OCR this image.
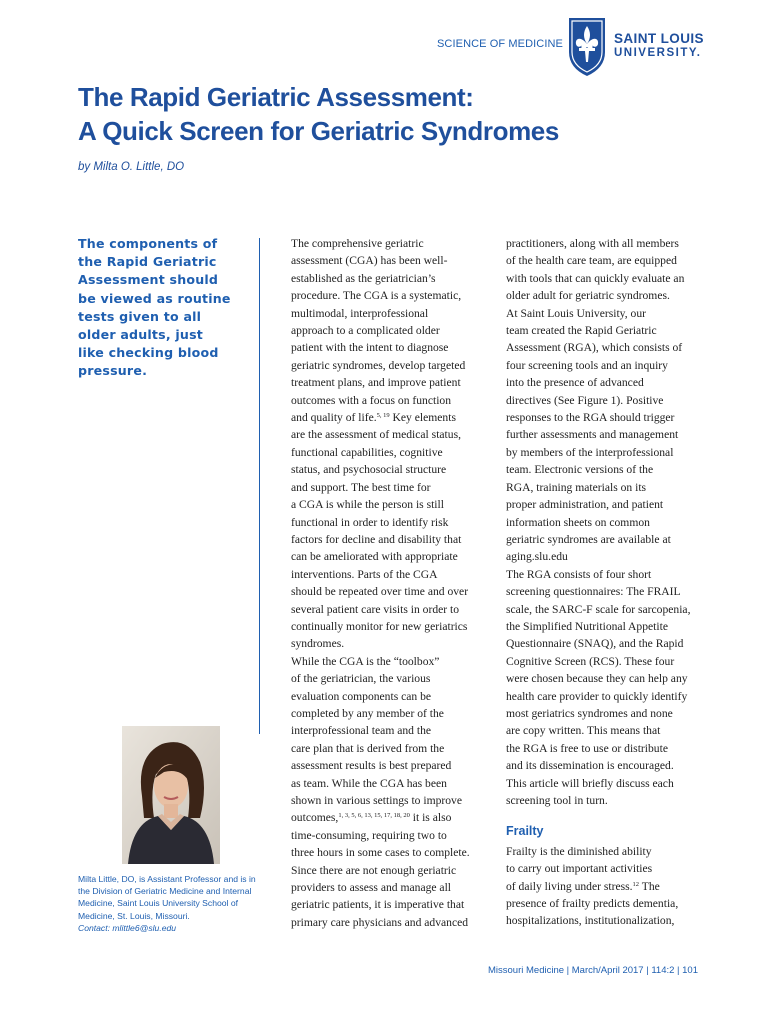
SCIENCE OF MEDICINE	SAINT LOUIS
UNIVERSITY.
The Rapid Geriatric Assessment:
A Quick Screen for Geriatric Syndromes
by Milta O. Little, DO
The components of
the Rapid Geriatric
Assessment should
be viewed as routine
tests given to all
older adults, just
like checking blood
pressure.
Milta Little, DO, is Assistant Professor and is in
the Division of Geriatric Medicine and Internal
Medicine, Saint Louis University School of
Medicine, St. Louis, Missouri.
Contact: mlittle6@slu.edu
The comprehensive geriatric
assessment (CGA) has been well-
established as the geriatrician’s
procedure. The CGA is a systematic,
multimodal, interprofessional
approach to a complicated older
patient with the intent to diagnose
geriatric syndromes, develop targeted
treatment plans, and improve patient
outcomes with a focus on function
and quality of life.$^{5, 19}$ Key elements
are the assessment of medical status,
functional capabilities, cognitive
status, and psychosocial structure
and support. The best time for
a CGA is while the person is still
functional in order to identify risk
factors for decline and disability that
can be ameliorated with appropriate
interventions. Parts of the CGA
should be repeated over time and over
several patient care visits in order to
continually monitor for new geriatrics
syndromes.
While the CGA is the “toolbox”
of the geriatrician, the various
evaluation components can be
completed by any member of the
interprofessional team and the
care plan that is derived from the
assessment results is best prepared
as team. While the CGA has been
shown in various settings to improve
outcomes,$^{1, 3, 5, 6, 13, 15, 17, 18, 20}$ it is also
time-consuming, requiring two to
three hours in some cases to complete.
Since there are not enough geriatric
providers to assess and manage all
geriatric patients, it is imperative that
primary care physicians and advanced
practitioners, along with all members
of the health care team, are equipped
with tools that can quickly evaluate an
older adult for geriatric syndromes.
At Saint Louis University, our
team created the Rapid Geriatric
Assessment (RGA), which consists of
four screening tools and an inquiry
into the presence of advanced
directives (See Figure 1). Positive
responses to the RGA should trigger
further assessments and management
by members of the interprofessional
team. Electronic versions of the
RGA, training materials on its
proper administration, and patient
information sheets on common
geriatric syndromes are available at
aging.slu.edu
The RGA consists of four short
screening questionnaires: The FRAIL
scale, the SARC-F scale for sarcopenia,
the Simplified Nutritional Appetite
Questionnaire (SNAQ), and the Rapid
Cognitive Screen (RCS). These four
were chosen because they can help any
health care provider to quickly identify
most geriatrics syndromes and none
are copy written. This means that
the RGA is free to use or distribute
and its dissemination is encouraged.
This article will briefly discuss each
screening tool in turn.
Frailty
Frailty is the diminished ability
to carry out important activities
of daily living under stress.$^{12}$ The
presence of frailty predicts dementia,
hospitalizations, institutionalization,
Missouri Medicine | March/April 2017 | 114:2 | 101
